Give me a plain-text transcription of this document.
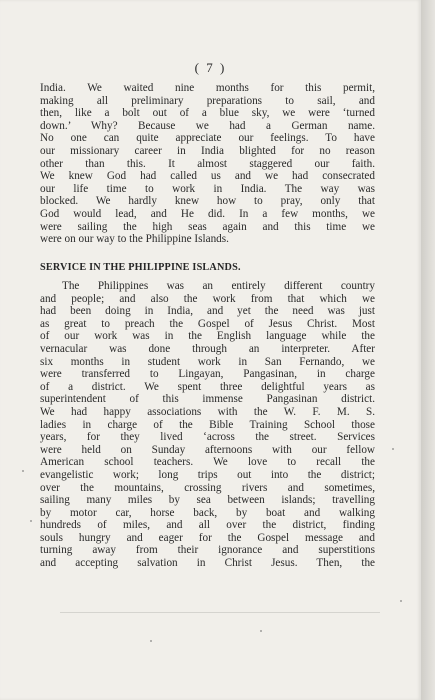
( 7 )

India. We waited nine months for this permit,
making all preliminary preparations to sail, and
then, like a bolt out of a blue sky, we were ‘turned
down.’ Why? Because we had a German name.
No one can quite appreciate our feelings. To have
our missionary career in India blighted for no reason
other than this. It almost staggered our faith.
We knew God had called us and we had consecrated
our life time to work in India. The way was
blocked. We hardly knew how to pray, only that
God would lead, and He did. In a few months, we
were sailing the high seas again and this time we
were on our way to the Philippine Islands.

SERVICE IN THE PHILIPPINE ISLANDS.

The Philippines was an entirely different country
and people; and also the work from that which we
had been doing in India, and yet the need was just
as great to preach the Gospel of Jesus Christ. Most
of our work was in the English language while the
vernacular was done through an interpreter. After
six months in student work in San Fernando, we
were transferred to Lingayan, Pangasinan, in charge
of a district. We spent three delightful years as
superintendent of this immense Pangasinan district.
We had happy associations with the W. F. M. S.
ladies in charge of the Bible Training School those
years, for they lived ‘across the street. Services
were held on Sunday afternoons with our fellow
American school teachers. We love to recall the
evangelistic work; long trips out into the district;
over the mountains, crossing rivers and sometimes,
sailing many miles by sea between islands; travelling
by motor car, horse back, by boat and walking
hundreds of miles, and all over the district, finding
souls hungry and eager for the Gospel message and
turning away from their ignorance and superstitions
and accepting salvation in Christ Jesus. Then, the
